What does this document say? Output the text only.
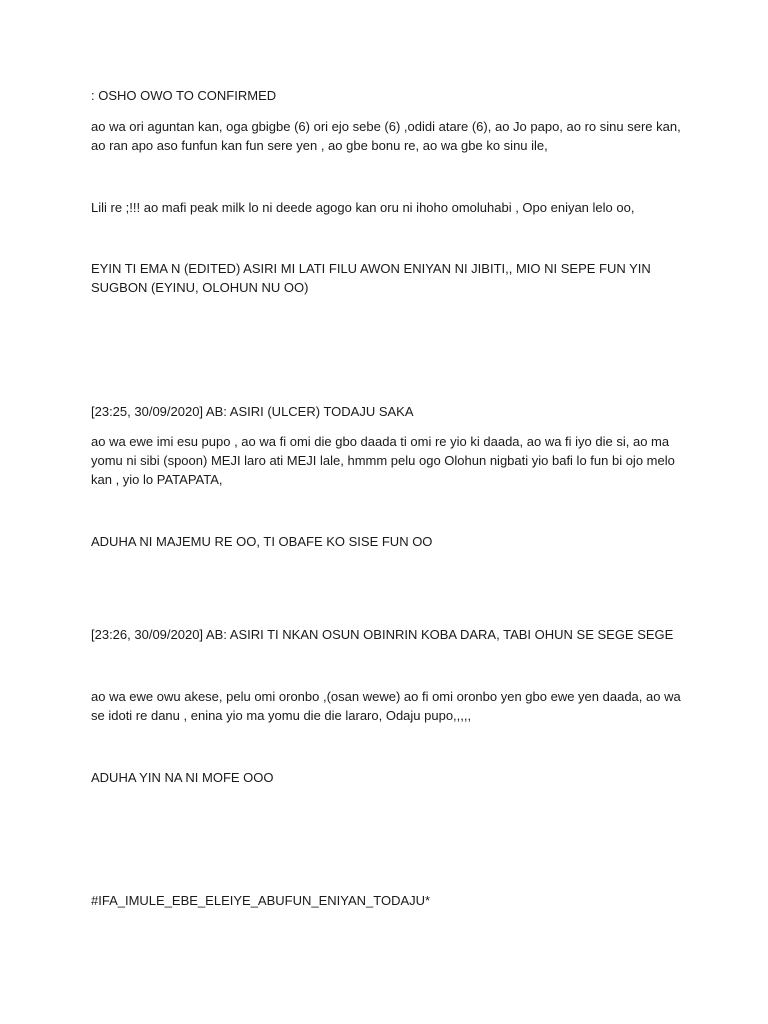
: OSHO OWO TO CONFIRMED

ao wa ori aguntan kan, oga gbigbe (6) ori ejo sebe (6) ,odidi atare (6), ao Jo papo, ao ro sinu sere kan, ao ran apo aso funfun kan fun sere yen , ao gbe bonu re, ao wa gbe ko sinu ile,

Lili re ;!!! ao mafi peak milk lo ni deede agogo kan oru ni ihoho omoluhabi , Opo eniyan lelo oo,

EYIN TI EMA N (EDITED) ASIRI MI LATI FILU AWON ENIYAN NI JIBITI,, MIO NI SEPE FUN YIN SUGBON (EYINU, OLOHUN NU OO)

[23:25, 30/09/2020] AB: ASIRI (ULCER) TODAJU SAKA

ao wa ewe imi esu pupo , ao wa fi omi die gbo daada ti omi re yio ki daada, ao wa fi iyo die si, ao ma yomu ni sibi (spoon) MEJI laro ati MEJI lale, hmmm pelu ogo Olohun nigbati yio bafi lo fun bi ojo melo kan , yio lo PATAPATA,

ADUHA NI MAJEMU RE OO, TI OBAFE KO SISE FUN OO

[23:26, 30/09/2020] AB: ASIRI TI NKAN OSUN OBINRIN KOBA DARA, TABI OHUN SE SEGE SEGE

ao wa ewe owu akese, pelu omi oronbo ,(osan wewe) ao fi omi oronbo yen gbo ewe yen daada, ao wa se idoti re danu , enina yio ma yomu die die lararo, Odaju pupo,,,,,

ADUHA YIN NA NI MOFE OOO

#IFA_IMULE_EBE_ELEIYE_ABUFUN_ENIYAN_TODAJU*
